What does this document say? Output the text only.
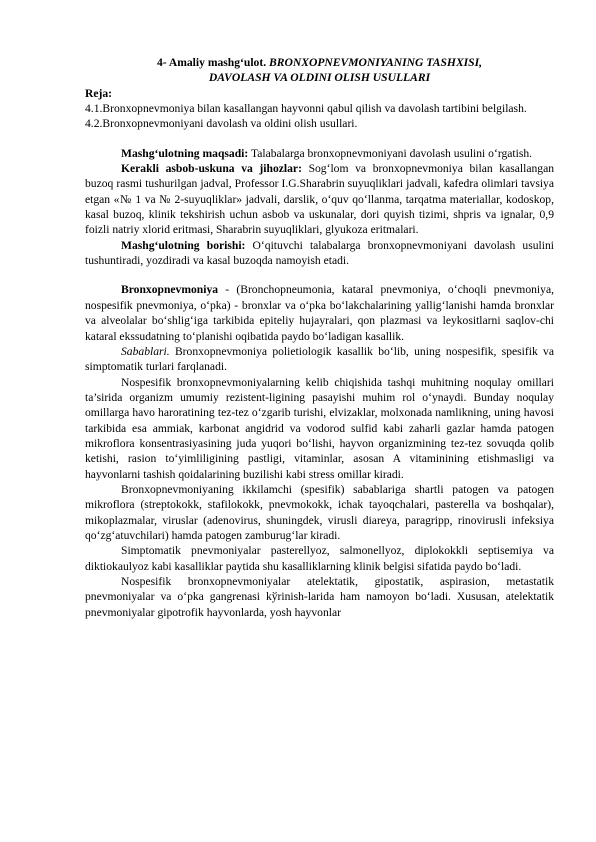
4- Amaliy mashg‘ulot. BRONXOPNEVMONIYANING TASHXISI,
DAVOLASH VA OLDINI OLISH USULLARI

Reja:

4.1.Bronxopnevmoniya bilan kasallangan hayvonni qabul qilish va davolash tartibini belgilash.

4.2.Bronxopnevmoniyani davolash va oldini olish usullari.

Mashg‘ulotning maqsadi: Talabalarga bronxopnevmoniyani davolash usulini o‘rgatish.

Kerakli asbob-uskuna va jihozlar: Sog‘lom va bronxopnevmoniya bilan kasallangan buzoq rasmi tushurilgan jadval, Professor I.G.Sharabrin suyuqliklari jadvali, kafedra olimlari tavsiya etgan «№ 1 va № 2-suyuqliklar» jadvali, darslik, o‘quv qo‘llanma, tarqatma materiallar, kodoskop, kasal buzoq, klinik tekshirish uchun asbob va uskunalar, dori quyish tizimi, shpris va ignalar, 0,9 foizli natriy xlorid eritmasi, Sharabrin suyuqliklari, glyukoza eritmalari.

Mashg‘ulotning borishi: O‘qituvchi talabalarga bronxopnevmoniyani davolash usulini tushuntiradi, yozdiradi va kasal buzoqda namoyish etadi.

Bronxopnevmoniya - (Bronchopneumonia, kataral pnevmoniya, o‘choqli pnevmoniya, nospesifik pnevmoniya, o‘pka) - bronxlar va o‘pka bo‘lakchalarining yallig‘lanishi hamda bronxlar va alveolalar bo‘shlig‘iga tarkibida epiteliy hujayralari, qon plazmasi va leykositlarni saqlov-chi kataral ekssudatning to‘planishi oqibatida paydo bo‘ladigan kasallik.

Sabablari. Bronxopnevmoniya polietiologik kasallik bo‘lib, uning nospesifik, spesifik va simptomatik turlari farqlanadi.

Nospesifik bronxopnevmoniyalarning kelib chiqishida tashqi muhitning noqulay omillari ta’sirida organizm umumiy rezistent-ligining pasayishi muhim rol o‘ynaydi. Bunday noqulay omillarga havo haroratining tez-tez o‘zgarib turishi, elvizaklar, molxonada namlikning, uning havosi tarkibida esa ammiak, karbonat angidrid va vodorod sulfid kabi zaharli gazlar hamda patogen mikroflora konsentrasiyasining juda yuqori bo‘lishi, hayvon organizmining tez-tez sovuqda qolib ketishi, rasion to‘yimliligining pastligi, vitaminlar, asosan A vitaminining etishmasligi va hayvonlarni tashish qoidalarining buzilishi kabi stress omillar kiradi.

Bronxopnevmoniyaning ikkilamchi (spesifik) sabablariga shartli patogen va patogen mikroflora (streptokokk, stafilokokk, pnevmokokk, ichak tayoqchalari, pasterella va boshqalar), mikoplazmalar, viruslar (adenovirus, shuningdek, virusli diareya, paragripp, rinovirusli infeksiya qo‘zg‘atuvchilari) hamda patogen zamburug‘lar kiradi.

Simptomatik pnevmoniyalar pasterellyoz, salmonellyoz, diplokokkli septisemiya va diktiokaulyoz kabi kasalliklar paytida shu kasalliklarning klinik belgisi sifatida paydo bo‘ladi.

Nospesifik bronxopnevmoniyalar atelektatik, gipostatik, aspirasion, metastatik pnevmoniyalar va o‘pka gangrenasi kўrinish-larida ham namoyon bo‘ladi. Xususan, atelektatik pnevmoniyalar gipotrofik hayvonlarda, yosh hayvonlar
